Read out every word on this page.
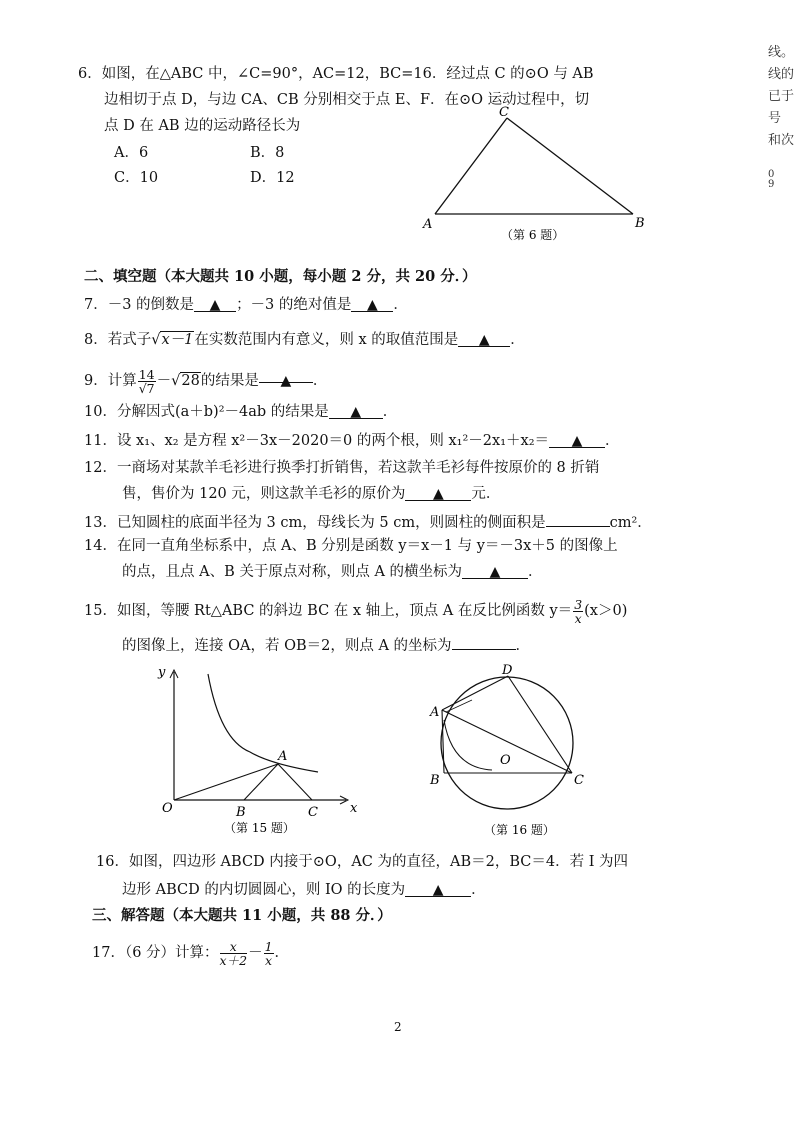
线。
线的
已于
号
和次
0
9
6．如图，在△ABC 中，∠C=90°，AC=12，BC=16．经过点 C 的⊙O 与 AB
边相切于点 D，与边 CA、CB 分别相交于点 E、F．在⊙O 运动过程中，切
点 D 在 AB 边的运动路径长为
A．6	B．8
C．10	D．12
C
A	B
（第 6 题）
二、填空题（本大题共 10 小题，每小题 2 分，共 20 分．）
7．－3 的倒数是 ▲ ；－3 的绝对值是 ▲ ．
8．若式子√x－1在实数范围内有意义，则 x 的取值范围是 ▲ ．
9．计算 $\frac{14}{√7} -√28$的结果是 ▲ ．
10．分解因式(a＋b)²－4ab 的结果是 ▲ ．
11．设 x₁、x₂ 是方程 x²－3x－2020＝0 的两个根，则 x₁²－2x₁＋x₂＝ ▲ ．
12．一商场对某款羊毛衫进行换季打折销售，若这款羊毛衫每件按原价的 8 折销
售，售价为 120 元，则这款羊毛衫的原价为 ▲ 元．
13．已知圆柱的底面半径为 3 cm，母线长为 5 cm，则圆柱的侧面积是	cm²．
14．在同一直角坐标系中，点 A、B 分别是函数 y＝x－1 与 y＝－3x＋5 的图像上
的点，且点 A、B 关于原点对称，则点 A 的横坐标为 ▲ ．
15．如图，等腰 Rt△ABC 的斜边 BC 在 x 轴上，顶点 A 在反比例函数 $y= \frac{3}{x} (x>0)$
的图像上，连接 OA，若 OB＝2，则点 A 的坐标为	．
y
x
O
A
B	C
（第 15 题）
D
A
B	C
O
（第 16 题）
16．如图，四边形 ABCD 内接于⊙O，AC 为的直径，AB＝2，BC＝4．若 I 为四
边形 ABCD 的内切圆圆心，则 IO 的长度为 ▲ ．
三、解答题（本大题共 11 小题，共 88 分．）
17．（6 分）计算： $\frac{x}{x+2} - \frac{1}{x}$ ．
2
